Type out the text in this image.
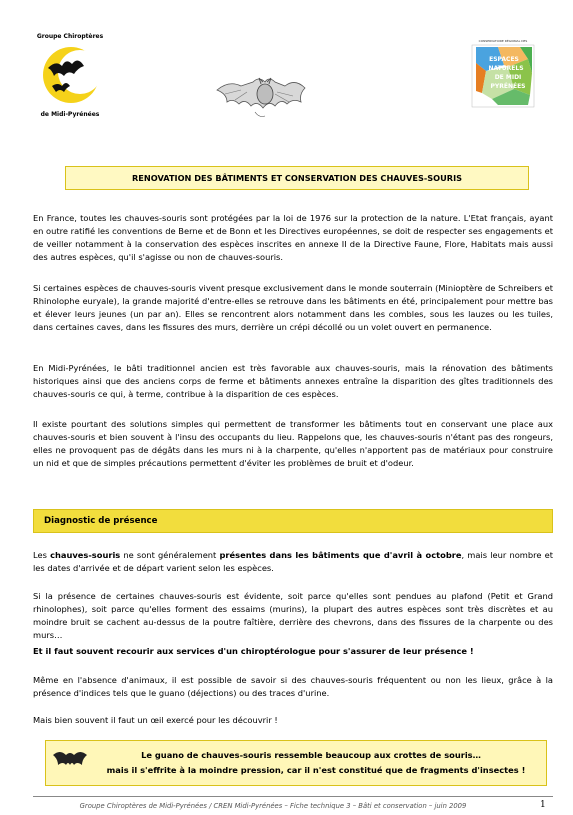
Groupe Chiroptères
de Midi-Pyrénées
CONSERVATOIRE RÉGIONAL DES
ESPACES
NATURELS
DE MIDI
PYRÉNÉES
RENOVATION DES BÂTIMENTS ET CONSERVATION DES CHAUVES-SOURIS
En France, toutes les chauves-souris sont protégées par la loi de 1976 sur la protection de la nature. L'Etat français, ayant en outre ratifié les conventions de Berne et de Bonn et les Directives européennes, se doit de respecter ses engagements et de veiller notamment à la conservation des espèces inscrites en annexe II de la Directive Faune, Flore, Habitats mais aussi des autres espèces, qu'il s'agisse ou non de chauves-souris.
Si certaines espèces de chauves-souris vivent presque exclusivement dans le monde souterrain (Minioptère de Schreibers et Rhinolophe euryale), la grande majorité d'entre-elles se retrouve dans les bâtiments en été, principalement pour mettre bas et élever leurs jeunes (un par an). Elles se rencontrent alors notamment dans les combles, sous les lauzes ou les tuiles, dans certaines caves, dans les fissures des murs, derrière un crépi décollé ou un volet ouvert en permanence.
En Midi-Pyrénées, le bâti traditionnel ancien est très favorable aux chauves-souris, mais la rénovation des bâtiments historiques ainsi que des anciens corps de ferme et bâtiments annexes entraîne la disparition des gîtes traditionnels des chauves-souris ce qui, à terme, contribue à la disparition de ces espèces.
Il existe pourtant des solutions simples qui permettent de transformer les bâtiments tout en conservant une place aux chauves-souris et bien souvent à l'insu des occupants du lieu. Rappelons que, les chauves-souris n'étant pas des rongeurs, elles ne provoquent pas de dégâts dans les murs ni à la charpente, qu'elles n'apportent pas de matériaux pour construire un nid et que de simples précautions permettent d'éviter les problèmes de bruit et d'odeur.
Diagnostic de présence
Les chauves-souris ne sont généralement présentes dans les bâtiments que d'avril à octobre, mais leur nombre et les dates d'arrivée et de départ varient selon les espèces.
Si la présence de certaines chauves-souris est évidente, soit parce qu'elles sont pendues au plafond (Petit et Grand rhinolophes), soit parce qu'elles forment des essaims (murins), la plupart des autres espèces sont très discrètes et au moindre bruit se cachent au-dessus de la poutre faîtière, derrière des chevrons, dans des fissures de la charpente ou des murs…
Et il faut souvent recourir aux services d'un chiroptérologue pour s'assurer de leur présence !
Même en l'absence d'animaux, il est possible de savoir si des chauves-souris fréquentent ou non les lieux, grâce à la présence d'indices tels que le guano (déjections) ou des traces d'urine.
Mais bien souvent il faut un œil exercé pour les découvrir !
Le guano de chauves-souris ressemble beaucoup aux crottes de souris…
mais il s'effrite à la moindre pression, car il n'est constitué que de fragments d'insectes !
Groupe Chiroptères de Midi-Pyrénées / CREN Midi-Pyrénées – Fiche technique 3 – Bâti et conservation – juin 2009	1
